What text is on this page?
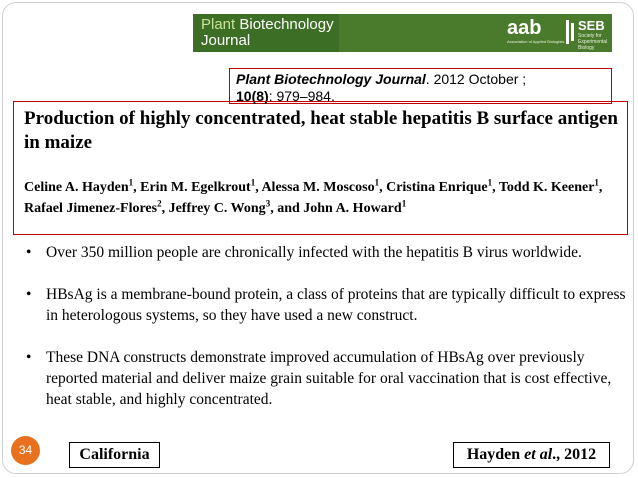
Plant Biotechnology
Journal
aab
Association of Applied Biologists
SEB
Society for Experimental Biology
Plant Biotechnology Journal. 2012 October ;
10(8): 979–984.
Production of highly concentrated, heat stable hepatitis B surface antigen in maize
Celine A. Hayden$^1$, Erin M. Egelkrout$^1$, Alessa M. Moscoso$^1$, Cristina Enrique$^1$, Todd K. Keener$^1$, Rafael Jimenez-Flores$^2$, Jeffrey C. Wong$^3$, and John A. Howard$^1$
• Over 350 million people are chronically infected with the hepatitis B virus worldwide.
• HBsAg is a membrane-bound protein, a class of proteins that are typically difficult to express in heterologous systems, so they have used a new construct.
• These DNA constructs demonstrate improved accumulation of HBsAg over previously reported material and deliver maize grain suitable for oral vaccination that is cost effective, heat stable, and highly concentrated.
34	California	Hayden et al., 2012
